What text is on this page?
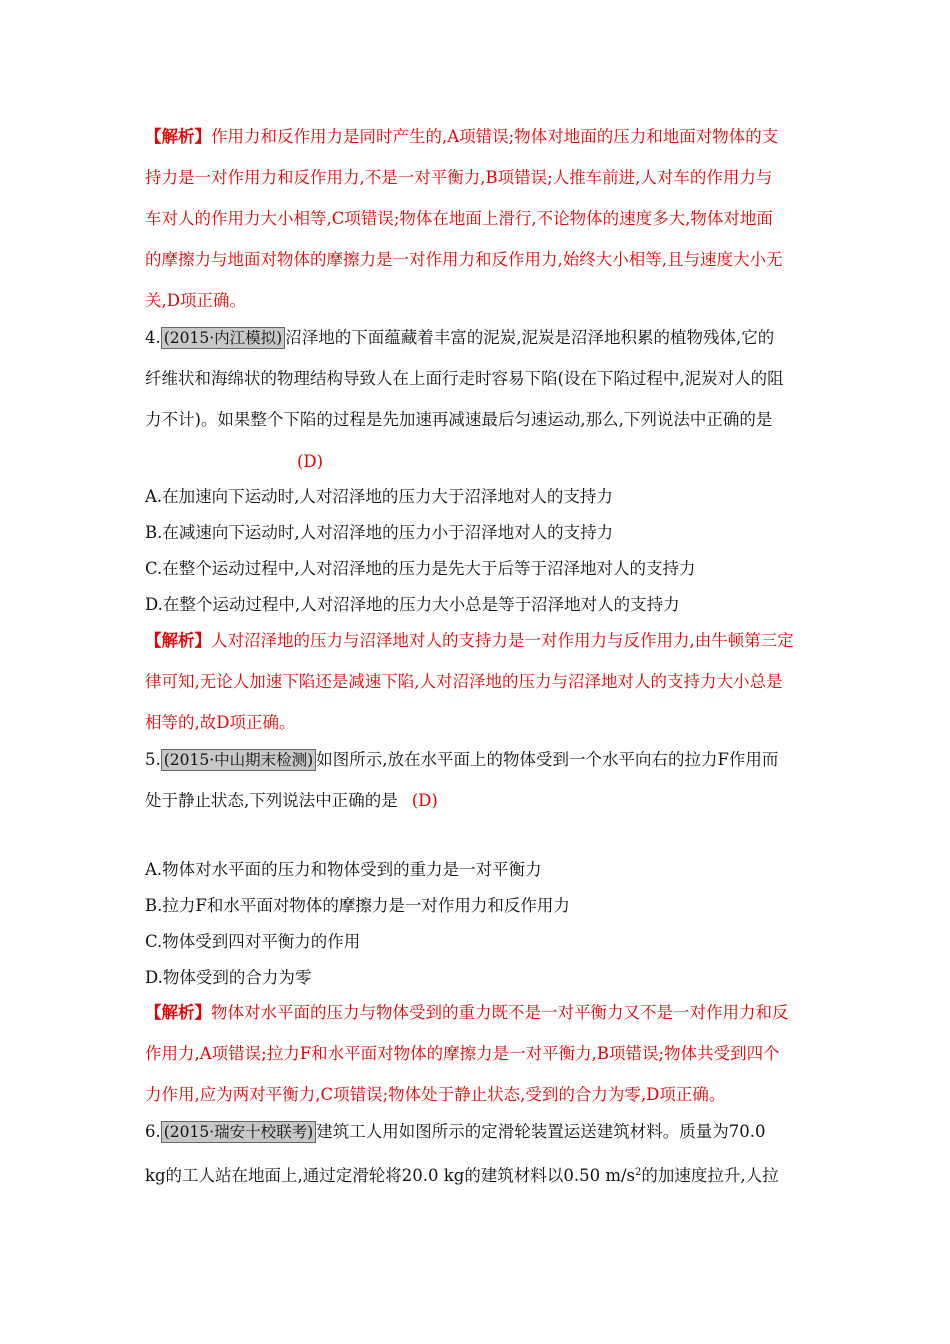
【解析】作用力和反作用力是同时产生的,A项错误;物体对地面的压力和地面对物体的支
持力是一对作用力和反作用力,不是一对平衡力,B项错误;人推车前进,人对车的作用力与
车对人的作用力大小相等,C项错误;物体在地面上滑行,不论物体的速度多大,物体对地面
的摩擦力与地面对物体的摩擦力是一对作用力和反作用力,始终大小相等,且与速度大小无
关,D项正确。
4. (2015·内江模拟) 沼泽地的下面蕴藏着丰富的泥炭,泥炭是沼泽地积累的植物残体,它的
纤维状和海绵状的物理结构导致人在上面行走时容易下陷(设在下陷过程中,泥炭对人的阻
力不计)。如果整个下陷的过程是先加速再减速最后匀速运动,那么,下列说法中正确的是
(D)
A.在加速向下运动时,人对沼泽地的压力大于沼泽地对人的支持力
B.在减速向下运动时,人对沼泽地的压力小于沼泽地对人的支持力
C.在整个运动过程中,人对沼泽地的压力是先大于后等于沼泽地对人的支持力
D.在整个运动过程中,人对沼泽地的压力大小总是等于沼泽地对人的支持力
【解析】人对沼泽地的压力与沼泽地对人的支持力是一对作用力与反作用力,由牛顿第三定
律可知,无论人加速下陷还是减速下陷,人对沼泽地的压力与沼泽地对人的支持力大小总是
相等的,故D项正确。
5. (2015·中山期末检测) 如图所示,放在水平面上的物体受到一个水平向右的拉力F作用而
处于静止状态,下列说法中正确的是 (D)
A.物体对水平面的压力和物体受到的重力是一对平衡力
B.拉力F和水平面对物体的摩擦力是一对作用力和反作用力
C.物体受到四对平衡力的作用
D.物体受到的合力为零
【解析】物体对水平面的压力与物体受到的重力既不是一对平衡力又不是一对作用力和反
作用力,A项错误;拉力F和水平面对物体的摩擦力是一对平衡力,B项错误;物体共受到四个
力作用,应为两对平衡力,C项错误;物体处于静止状态,受到的合力为零,D项正确。
6. (2015·瑞安十校联考) 建筑工人用如图所示的定滑轮装置运送建筑材料。质量为70.0
kg的工人站在地面上,通过定滑轮将20.0 kg的建筑材料以0.50 $m/s^2$的加速度拉升,人拉
